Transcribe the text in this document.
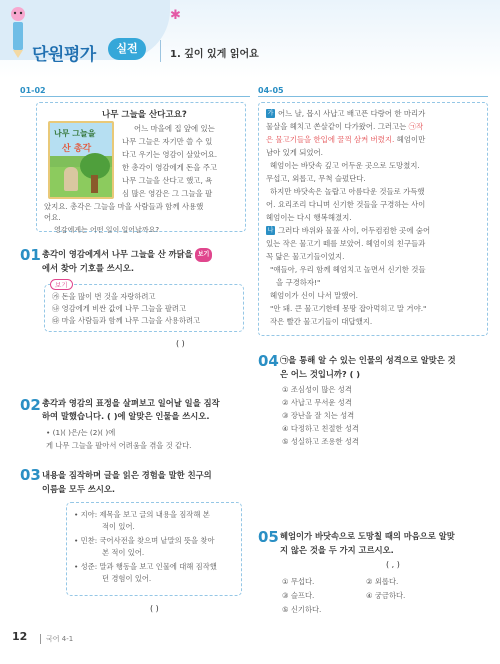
단원평가	실전
✱
1. 깊이 있게 읽어요
01-02
나무 그늘을 산다고요?
나무 그늘을
산 총각
어느 마을에 집 앞에 있는
나무 그늘은 자기만 쓸 수 있
다고 우기는 영감이 살았어요.
한 총각이 영감에게 돈을 주고
나무 그늘을 산다고 했고, 욕
심 많은 영감은 그 그늘을 팔
았지요. 총각은 그늘을 마을 사람들과 함께 사용했
어요.
영감에게는 어떤 일이 일어날까요?
01 총각이 영감에게서 나무 그늘을 산 까닭을 보기
에서 찾아 기호를 쓰시오.
보기
㉮ 돈을 많이 번 것을 자랑하려고
㉯ 영감에게 비싼 값에 나무 그늘을 팔려고
㉰ 마을 사람들과 함께 나무 그늘을 사용하려고
( )
02 총각과 영감의 표정을 살펴보고 일어날 일을 짐작
하여 말했습니다. ( )에 알맞은 인물을 쓰시오.
• (1)( )은/는 (2)( )에
게 나무 그늘을 팔아서 어려움을 겪을 것 같다.
03 내용을 짐작하며 글을 읽은 경험을 말한 친구의
이름을 모두 쓰시오.
• 지아: 제목을 보고 글의 내용을 짐작해 본
적이 있어.
• 민찬: 국어사전을 찾으며 낱말의 뜻을 찾아
본 적이 있어.
• 성준: 말과 행동을 보고 인물에 대해 짐작했
던 경험이 있어.
( )
04-05
가 어느 날, 몹시 사납고 배고픈 다랑어 한 마리가
물살을 헤치고 쏜살같이 다가왔어. 그러고는 ㉠작
은 물고기들을 한입에 꿀꺽 삼켜 버렸지. 헤엄이만
남아 있게 되었어.
헤엄이는 바닷속 깊고 어두운 곳으로 도망쳤지.
무섭고, 외롭고, 무척 슬펐단다.
하지만 바닷속은 놀랍고 아름다운 것들로 가득했
어. 요리조리 다니며 신기한 것들을 구경하는 사이
헤엄이는 다시 행복해졌지.
나 그러다 바위와 물풀 사이, 어두컴컴한 곳에 숨어
있는 작은 물고기 떼를 보았어. 헤엄이의 친구들과
꼭 닮은 물고기들이었지.
"얘들아, 우리 함께 헤엄치고 놀면서 신기한 것들
을 구경하자!"
헤엄이가 신이 나서 말했어.
"안 돼. 큰 물고기한테 몽땅 잡아먹히고 말 거야."
작은 빨간 물고기들이 대답했지.
04 ㉠을 통해 알 수 있는 인물의 성격으로 알맞은 것
은 어느 것입니까? ( )
① 조심성이 많은 성격
② 사납고 무서운 성격
③ 장난을 잘 치는 성격
④ 다정하고 친절한 성격
⑤ 성실하고 조용한 성격
05 헤엄이가 바닷속으로 도망칠 때의 마음으로 알맞
지 않은 것을 두 가지 고르시오.
( , )
① 무섭다.	② 외롭다.
③ 슬프다.	④ 궁금하다.
⑤ 신기하다.
12	국어 4-1
